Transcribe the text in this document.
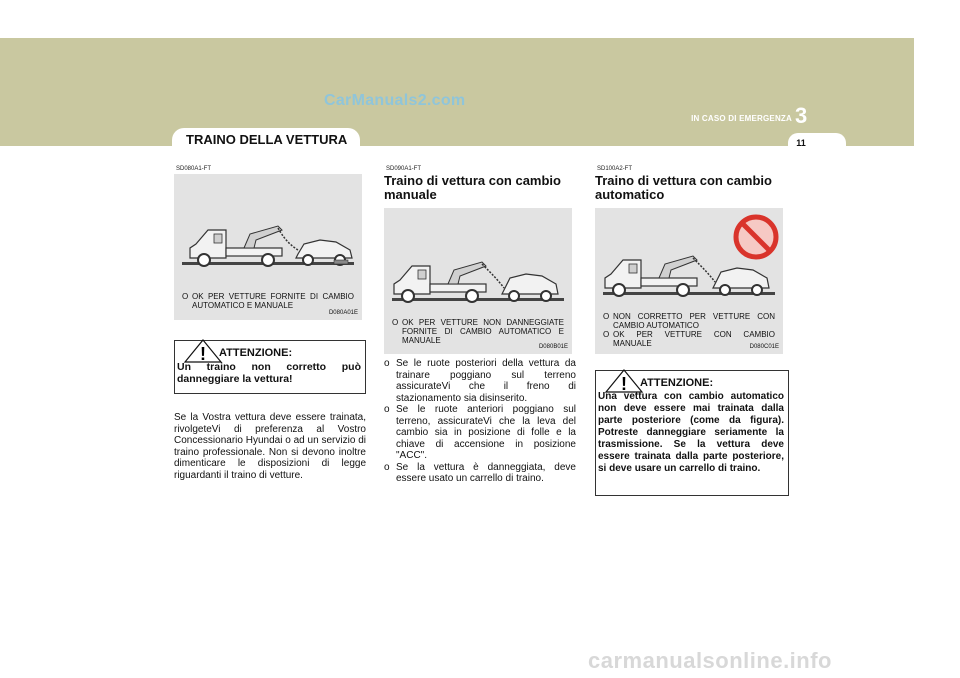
CarManuals2.com
IN CASO DI EMERGENZA 3
11
TRAINO DELLA VETTURA
SD080A1-FT
O OK PER VETTURE FORNITE DI CAMBIO AUTOMATICO E MANUALE
D080A01E
! ATTENZIONE:
Un traino non corretto può danneggiare la vettura!
Se la Vostra vettura deve essere trainata, rivolgeteVi di preferenza al Vostro Concessionario Hyundai o ad un servizio di traino professionale. Non si devono inoltre dimenticare le disposizioni di legge riguardanti il traino di vetture.
SD090A1-FT
Traino di vettura con cambio manuale
O OK PER VETTURE NON DANNEGGIATE FORNITE DI CAMBIO AUTOMATICO E MANUALE
D080B01E
o Se le ruote posteriori della vettura da trainare poggiano sul terreno assicurateVi che il freno di stazionamento sia disinserito.
o Se le ruote anteriori poggiano sul terreno, assicurateVi che la leva del cambio sia in posizione di folle e la chiave di accensione in posizione "ACC".
o Se la vettura è danneggiata, deve essere usato un carrello di traino.
SD100A2-FT
Traino di vettura con cambio automatico
O NON CORRETTO PER VETTURE CON CAMBIO AUTOMATICO
O OK PER VETTURE CON CAMBIO MANUALE	D080C01E
! ATTENZIONE:
Una vettura con cambio automatico non deve essere mai trainata dalla parte posteriore (come da figura). Potreste danneggiare seriamente la trasmissione. Se la vettura deve essere trainata dalla parte posteriore, si deve usare un carrello di traino.
carmanualsonline.info
